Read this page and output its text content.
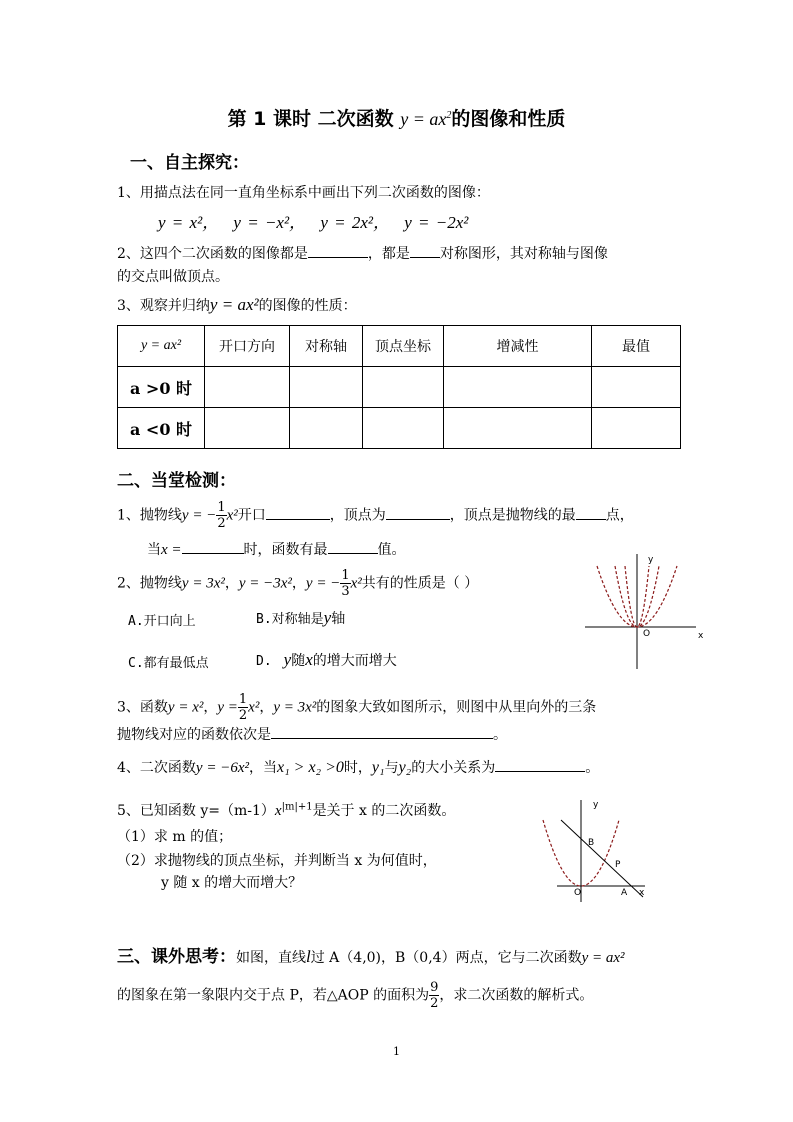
第 1 课时 二次函数 $y = ax^2$的图像和性质
一、自主探究：
1、用描点法在同一直角坐标系中画出下列二次函数的图像：
y = x²， y = −x²， y = 2x²， y = −2x²
2、这四个二次函数的图像都是	，都是 对称图形，其对称轴与图像
的交点叫做顶点。
3、观察并归纳y = ax²的图像的性质：
y = ax²	开口方向	对称轴	顶点坐标	增减性	最值
a >0 时					
a <0 时					
二、当堂检测：
1、抛物线y = − $\frac{1}{2} x^2$开口	，顶点为	，顶点是抛物线的最 点，
当x =	时，函数有最	值。
2、抛物线y = 3x²，y = −3x²，y = − $\frac{1}{3} x^2$共有的性质是（ ）
A.开口向上	B.对称轴是y轴
C.都有最低点	D. y随x的增大而增大
y
x
O
3、函数y = x²，$y = \frac{1}{2} x^2$，y = 3x²的图象大致如图所示，则图中从里向外的三条
抛物线对应的函数依次是	。
4、二次函数y = −6x²，当x₁ > x₂ >0时，y₁与y₂的大小关系为	。
5、已知函数 $y=(m-1)x^{|m|+1}$是关于 x 的二次函数。
（1）求 m 的值；
（2）求抛物线的顶点坐标，并判断当 x 为何值时，
y 随 x 的增大而增大？
y
x
O
B
P
A
三、课外思考：如图，直线l过 A（4,0)，B（0,4）两点，它与二次函数y = ax²
的图象在第一象限内交于点 P，若△AOP 的面积为 $\frac{9}{2}$ ，求二次函数的解析式。
1
